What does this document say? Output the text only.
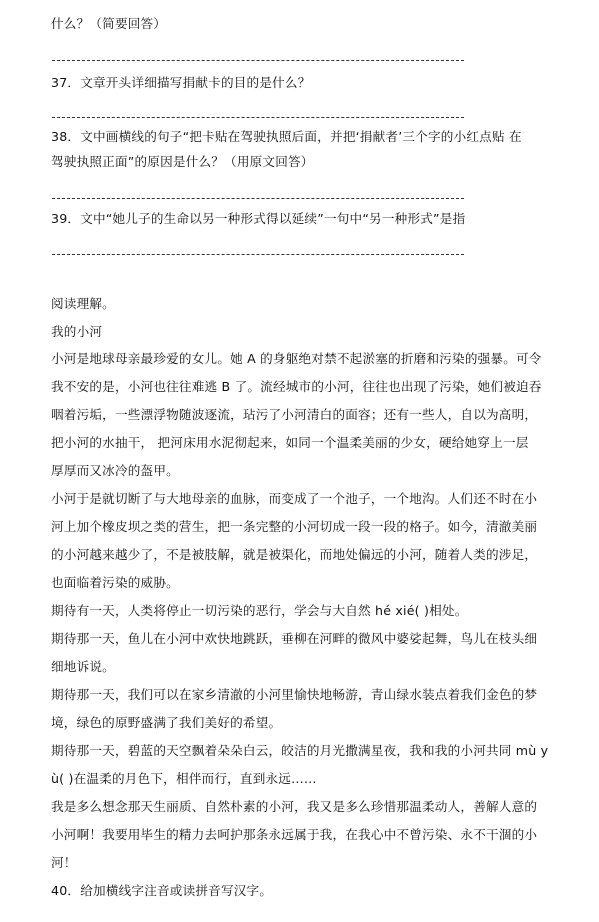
什么？（简要回答）
37．文章开头详细描写捐献卡的目的是什么？
38．文中画横线的句子“把卡贴在驾驶执照后面，并把‘捐献者’三个字的小红点贴 在
驾驶执照正面”的原因是什么？（用原文回答）
39．文中“她儿子的生命以另一种形式得以延续”一句中“另一种形式”是指
阅读理解。
我的小河
小河是地球母亲最珍爱的女儿。她 A 的身躯绝对禁不起淤塞的折磨和污染的强暴。可令
我不安的是，小河也往往难逃 B 了。流经城市的小河，往往也出现了污染，她们被迫吞
咽着污垢，一些漂浮物随波逐流，玷污了小河清白的面容；还有一些人，自以为高明，
把小河的水抽干， 把河床用水泥彻起来，如同一个温柔美丽的少女，硬给她穿上一层
厚厚而又冰冷的盔甲。
小河于是就切断了与大地母亲的血脉，而变成了一个池子，一个地沟。人们还不时在小
河上加个橡皮坝之类的营生，把一条完整的小河切成一段一段的格子。如今，清澈美丽
的小河越来越少了，不是被肢解，就是被渠化，而地处偏远的小河，随着人类的涉足，
也面临着污染的威胁。
期待有一天，人类将停止一切污染的恶行，学会与大自然 hé xié( )相处。
期待那一天，鱼儿在小河中欢快地跳跃，垂柳在河畔的微风中婆娑起舞，鸟儿在枝头细
细地诉说。
期待那一天，我们可以在家乡清澈的小河里愉快地畅游，青山绿水装点着我们金色的梦
境，绿色的原野盛满了我们美好的希望。
期待那一天，碧蓝的天空飘着朵朵白云，皎洁的月光撒满星夜，我和我的小河共同 mù y
ù( )在温柔的月色下，相伴而行，直到永远……
我是多么想念那天生丽质、自然朴素的小河，我又是多么珍惜那温柔动人，善解人意的
小河啊！我要用毕生的精力去呵护那条永远属于我，在我心中不曾污染、永不干涸的小
河！
40．给加横线字注音或读拼音写汉字。
